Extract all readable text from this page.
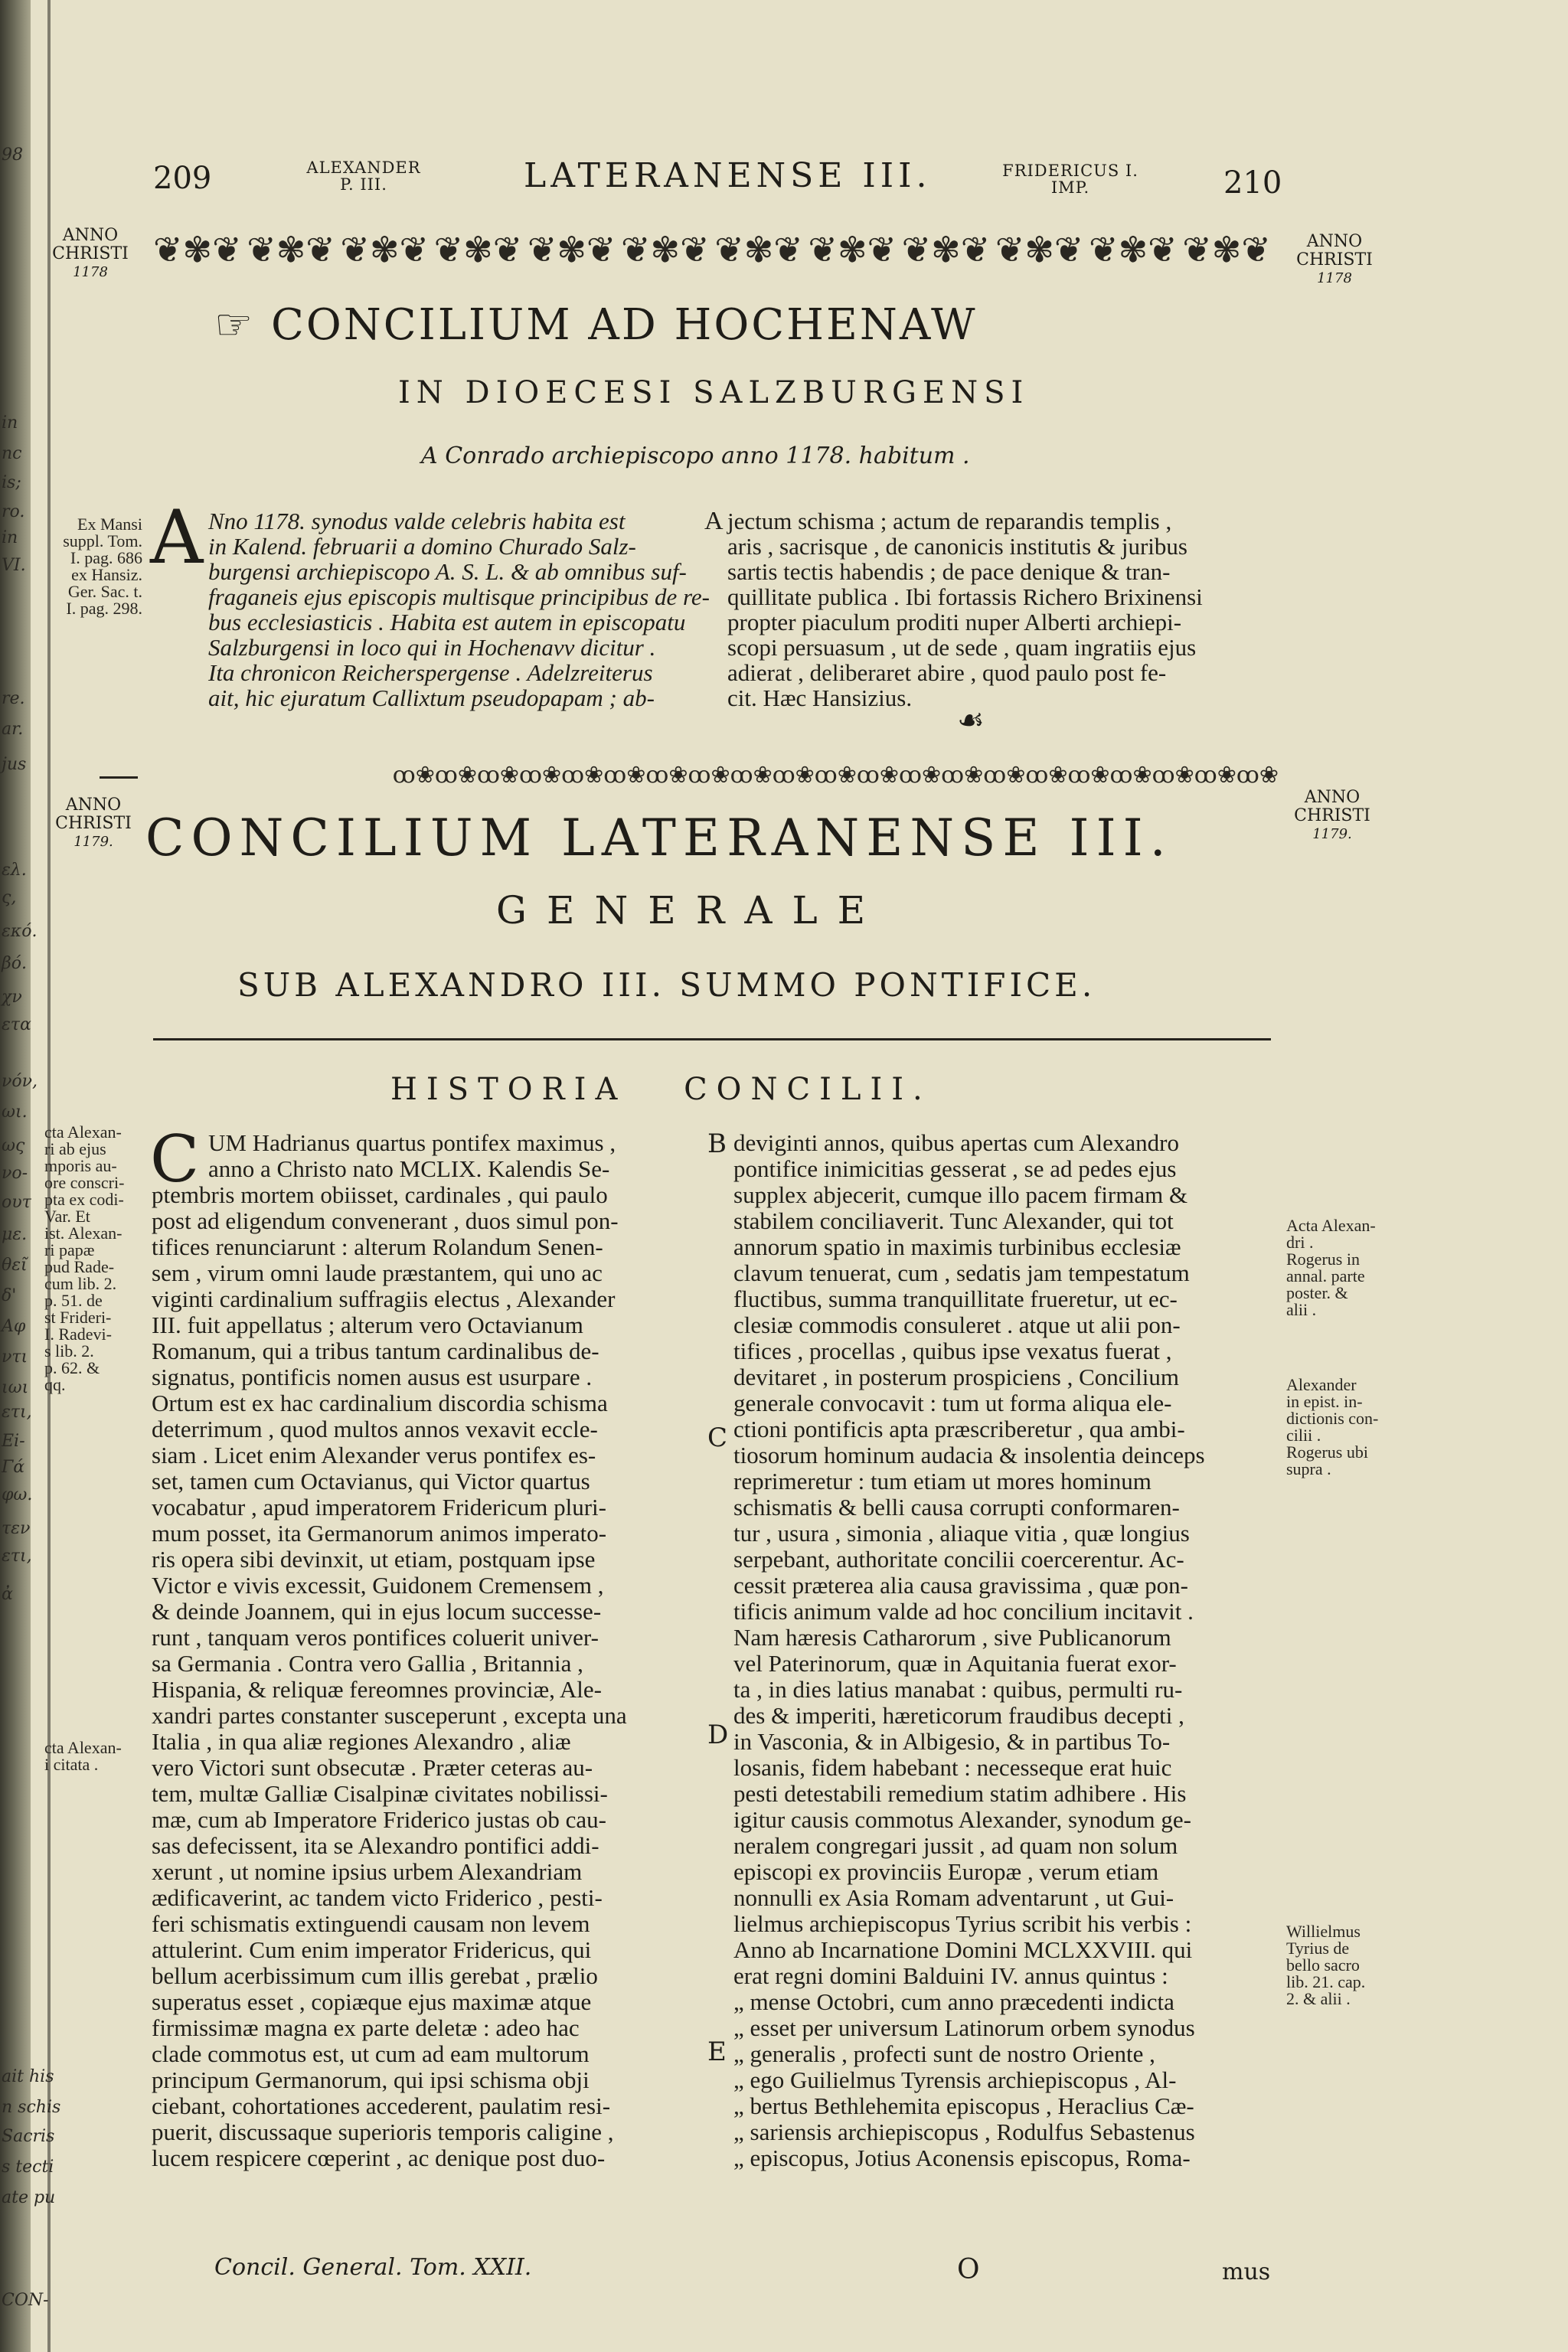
98
in
nc
is;
ro.
in
VI.
re.
ar.
jus
ελ.
ς,
εκό.
βό.
χν
ετα
νόν,
ωι.
ως
νο-
ουτ
με.
θεῖ
δ'
Αφ
ντι
ιωι
ετι,
Εi-
Γά
φω.
τεν
ετι,
ἀ
ait his
n schis
Sacris
s tecti
ate pu
CON-
209	ALEXANDER
P. III.	LATERANENSE III.	FRIDERICUS I.
IMP.	210
ANNO
CHRISTI
1178
ANNO
CHRISTI
1178
❦✾❦ ❦✾❦ ❦✾❦ ❦✾❦ ❦✾❦ ❦✾❦ ❦✾❦ ❦✾❦ ❦✾❦ ❦✾❦ ❦✾❦ ❦✾❦
☞ CONCILIUM AD HOCHENAW
IN DIOECESI SALZBURGENSI
A Conrado archiepiscopo anno 1178. habitum .
Ex Mansi
suppl. Tom.
I. pag. 686
ex Hansiz.
Ger. Sac. t.
I. pag. 298.
A Nno 1178. synodus valde celebris habita est
in Kalend. februarii a domino Churado Salz-
burgensi archiepiscopo A. S. L. & ab omnibus suf-
fraganeis ejus episcopis multisque principibus de re-
bus ecclesiasticis . Habita est autem in episcopatu
Salzburgensi in loco qui in Hochenavv dicitur .
Ita chronicon Reicherspergense . Adelzreiterus
ait, hic ejuratum Callixtum pseudopapam ; ab-
A jectum schisma ; actum de reparandis templis ,
aris , sacrisque , de canonicis institutis & juribus
sartis tectis habendis ; de pace denique & tran-
quillitate publica . Ibi fortassis Richero Brixinensi
propter piaculum proditi nuper Alberti archiepi-
scopi persuasum , ut de sede , quam ingratiis ejus
adierat , deliberaret abire , quod paulo post fe-
cit. Hæc Hansizius.
☙
ꝏ❀ꝏ❀ꝏ❀ꝏ❀ꝏ❀ꝏ❀ꝏ❀ꝏ❀ꝏ❀ꝏ❀ꝏ❀ꝏ❀ꝏ❀ꝏ❀ꝏ❀ꝏ❀ꝏ❀ꝏ❀ꝏ❀ꝏ❀ꝏ❀
ANNO
CHRISTI
1179.
ANNO
CHRISTI
1179.
CONCILIUM LATERANENSE III.
GENERALE
SUB ALEXANDRO III. SUMMO PONTIFICE.
HISTORIA CONCILII.
cta Alexan-
ri ab ejus
mporis au-
ore conscri-
pta ex codi-
Var. Et
ist. Alexan-
ri papæ
pud Rade-
cum lib. 2.
p. 51. de
st Frideri-
I. Radevi-
s lib. 2.
p. 62. &
qq.
cta Alexan-
i citata .
Acta Alexan-
dri .
Rogerus in
annal. parte
poster. &
alii .
Alexander
in epist. in-
dictionis con-
cilii .
Rogerus ubi
supra .
Willielmus
Tyrius de
bello sacro
lib. 21. cap.
2. & alii .
C UM Hadrianus quartus pontifex maximus ,
anno a Christo nato MCLIX. Kalendis Se-
ptembris mortem obiisset, cardinales , qui paulo
post ad eligendum convenerant , duos simul pon-
tifices renunciarunt : alterum Rolandum Senen-
sem , virum omni laude præstantem, qui uno ac
viginti cardinalium suffragiis electus , Alexander
III. fuit appellatus ; alterum vero Octavianum
Romanum, qui a tribus tantum cardinalibus de-
signatus, pontificis nomen ausus est usurpare .
Ortum est ex hac cardinalium discordia schisma
deterrimum , quod multos annos vexavit eccle-
siam . Licet enim Alexander verus pontifex es-
set, tamen cum Octavianus, qui Victor quartus
vocabatur , apud imperatorem Fridericum pluri-
mum posset, ita Germanorum animos imperato-
ris opera sibi devinxit, ut etiam, postquam ipse
Victor e vivis excessit, Guidonem Cremensem ,
& deinde Joannem, qui in ejus locum successe-
runt , tanquam veros pontifices coluerit univer-
sa Germania . Contra vero Gallia , Britannia ,
Hispania, & reliquæ fereomnes provinciæ, Ale-
xandri partes constanter susceperunt , excepta una
Italia , in qua aliæ regiones Alexandro , aliæ
vero Victori sunt obsecutæ . Præter ceteras au-
tem, multæ Galliæ Cisalpinæ civitates nobilissi-
mæ, cum ab Imperatore Friderico justas ob cau-
sas defecissent, ita se Alexandro pontifici addi-
xerunt , ut nomine ipsius urbem Alexandriam
ædificaverint, ac tandem victo Friderico , pesti-
feri schismatis extinguendi causam non levem
attulerint. Cum enim imperator Fridericus, qui
bellum acerbissimum cum illis gerebat , prælio
superatus esset , copiæque ejus maximæ atque
firmissimæ magna ex parte deletæ : adeo hac
clade commotus est, ut cum ad eam multorum
principum Germanorum, qui ipsi schisma obji
ciebant, cohortationes accederent, paulatim resi-
puerit, discussaque superioris temporis caligine ,
lucem respicere cœperint , ac denique post duo-
deviginti annos, quibus apertas cum Alexandro
pontifice inimicitias gesserat , se ad pedes ejus
supplex abjecerit, cumque illo pacem firmam &
stabilem conciliaverit. Tunc Alexander, qui tot
annorum spatio in maximis turbinibus ecclesiæ
clavum tenuerat, cum , sedatis jam tempestatum
fluctibus, summa tranquillitate frueretur, ut ec-
clesiæ commodis consuleret . atque ut alii pon-
tifices , procellas , quibus ipse vexatus fuerat ,
devitaret , in posterum prospiciens , Concilium
generale convocavit : tum ut forma aliqua ele-
ctioni pontificis apta præscriberetur , qua ambi-
tiosorum hominum audacia & insolentia deinceps
reprimeretur : tum etiam ut mores hominum
schismatis & belli causa corrupti conformaren-
tur , usura , simonia , aliaque vitia , quæ longius
serpebant, authoritate concilii coercerentur. Ac-
cessit præterea alia causa gravissima , quæ pon-
tificis animum valde ad hoc concilium incitavit .
Nam hæresis Catharorum , sive Publicanorum
vel Paterinorum, quæ in Aquitania fuerat exor-
ta , in dies latius manabat : quibus, permulti ru-
des & imperiti, hæreticorum fraudibus decepti ,
in Vasconia, & in Albigesio, & in partibus To-
losanis, fidem habebant : necesseque erat huic
pesti detestabili remedium statim adhibere . His
igitur causis commotus Alexander, synodum ge-
neralem congregari jussit , ad quam non solum
episcopi ex provinciis Europæ , verum etiam
nonnulli ex Asia Romam adventarunt , ut Gui-
lielmus archiepiscopus Tyrius scribit his verbis :
Anno ab Incarnatione Domini MCLXXVIII. qui
erat regni domini Balduini IV. annus quintus :
„ mense Octobri, cum anno præcedenti indicta
„ esset per universum Latinorum orbem synodus
„ generalis , profecti sunt de nostro Oriente ,
„ ego Guilielmus Tyrensis archiepiscopus , Al-
„ bertus Bethlehemita episcopus , Heraclius Cæ-
„ sariensis archiepiscopus , Rodulfus Sebastenus
„ episcopus, Jotius Aconensis episcopus, Roma-
B
C
D
E
Concil. General. Tom. XXII.	O	mus
